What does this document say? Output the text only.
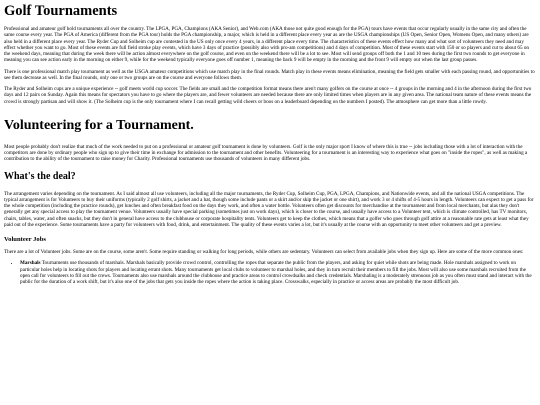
Golf Tournaments

Professional and amateur golf hold tournaments all over the country. The LPGA, PGA, Champions (AKA Senior), and Web.com (AKA those not quite good enough for the PGA) tours have events that occur regularly usually in the same city and often the same course every year. The PGA of America (different from the PGA tour) holds the PGA championship, a major, which is held in a different place every year as are the USGA championships (US Open, Senior Open, Womens Open, and many others) are also held in a different place every year. The Ryder Cup and Solheim cup are contested in the US only once every 4 years, in a different place every time. The characteristics of these events effect how many and what sort of volunteers they need and may effect whether you want to go. Most of these events are full field stroke play events, which have 3 days of practice (possibly also with pro-am competitions) and 4 days of competition. Most of these events start with 150 or so players and cut to about 65 on the weekend days, meaning that during the week there will be action almost everywhere on the golf course, and even on the weekend there will be a lot to see. Most will send groups off both the 1 and 10 tees during the first two rounds to get everyone in meaning you can see action early in the morning on either 9, while for the weekend typically everyone goes off number 1, meaning the back 9 will be empty in the morning and the front 9 will empty out when the last group passes.

There is one professional match play tournament as well as the USGA amateur competitions which use match play in the final rounds. Match play in these events means elimination, meaning the field gets smaller with each passing round, and opportunities to see them decrease as well. In the final rounds, only one or two groups are on the course and everyone follows them.

The Ryder and Solheim cups are a unique experience -- golf meets world cup soccer. The fields are small and the competition format means there aren't many golfers on the course at once -- 4 groups in the morning and 4 in the afternoon during the first two days and 12 pairs on Sunday. Again this means for spectators you have to go where the players are, and fewer volunteers are needed because there are only limited times when players are in any given area. The national team nature of these events means the crowd is strongly partisan and will show it. (The Solheim cup is the only tournament where I can recall getting wild cheers or boos on a leaderboard depending on the numbers I posted). The atmosphere can get more than a little rowdy.

Volunteering for a Tournament.

Most people probably don't realize that much of the work needed to put on a professional or amateur golf tournament is done by volunteers. Golf is the only major sport I know of where this is true -- jobs including those with a lot of interaction with the competitors are done by ordinary people who sign up to give their time in exchange for admission to the tournament and other benefits. Volunteering for a tournament is an interesting way to experience what goes on "inside the ropes", as well as making a contribution to the ability of the tournament to raise money for Charity. Professional tournaments use thousands of volunteers in many different jobs.

What's the deal?

The arrangement varies depending on the tournament. As I said almost all use volunteers, including all the major tournaments, the Ryder Cup, Solheim Cup, PGA, LPGA, Champions, and Nationwide events, and all the national USGA competitions. The typical arrangement is for Volunteers to buy their uniforms (typically 2 golf shirts, a jacket and a hat, though some include pants or a skirt and/or skip the jacket or one shirt), and work 3 or 4 shifts of 4-5 hours in length. Volunteers can expect to get a pass for the whole competition (including the practice rounds), get lunches and often breakfast food on the days they work, and often a water bottle. Volunteers often get discounts for merchandise at the tournament and from local merchants, but alas they don't generally get any special access to play the tournament venue. Volunteers usually have special parking (sometimes just on work days), which is closer to the course, and usually have access to a Volunteer tent, which is climate controlled, has TV monitors, chairs, tables, water, and often snacks, but they don't in general have access to the clubhouse or corporate hospitality tents. Volunteers get to keep the clothes, which means that a golfer who goes through golf attire at a reasonable rate gets at least what they paid out of the experience. Some tournaments have a party for volunteers with food, drink, and entertainment. The quality of these events varies a lot, but it's usually at the course with an opportunity to meet other volunteers and get a preview.

Volunteer Jobs

There are a lot of Volunteer jobs. Some are on the course, some aren't. Some require standing or walking for long periods, while others are sedentary. Volunteers can select from available jobs when they sign up. Here are some of the more common ones:

• Marshals Tournaments use thousands of marshals. Marshals basically provide crowd control, controlling the ropes that separate the public from the players, and asking for quiet while shots are being made. Hole marshals assigned to work on particular holes help in locating shots for players and locating errant shots. Many tournaments get local clubs to volunteer to marshal holes, and they in turn recruit their members to fill the jobs. Most will also use some marshals recruited from the open call for volunteers to fill out the crews. Tournaments also use marshals around the clubhouse and practice areas to control crowdsalks and check credentials. Marshaling is a moderately strenuous job as you often must stand and interact with the public for the duration of a work shift, but it's also one of the jobs that gets you inside the ropes where the action is taking place. Crosswalks, especially in practice or access areas are probably the most difficult job.
